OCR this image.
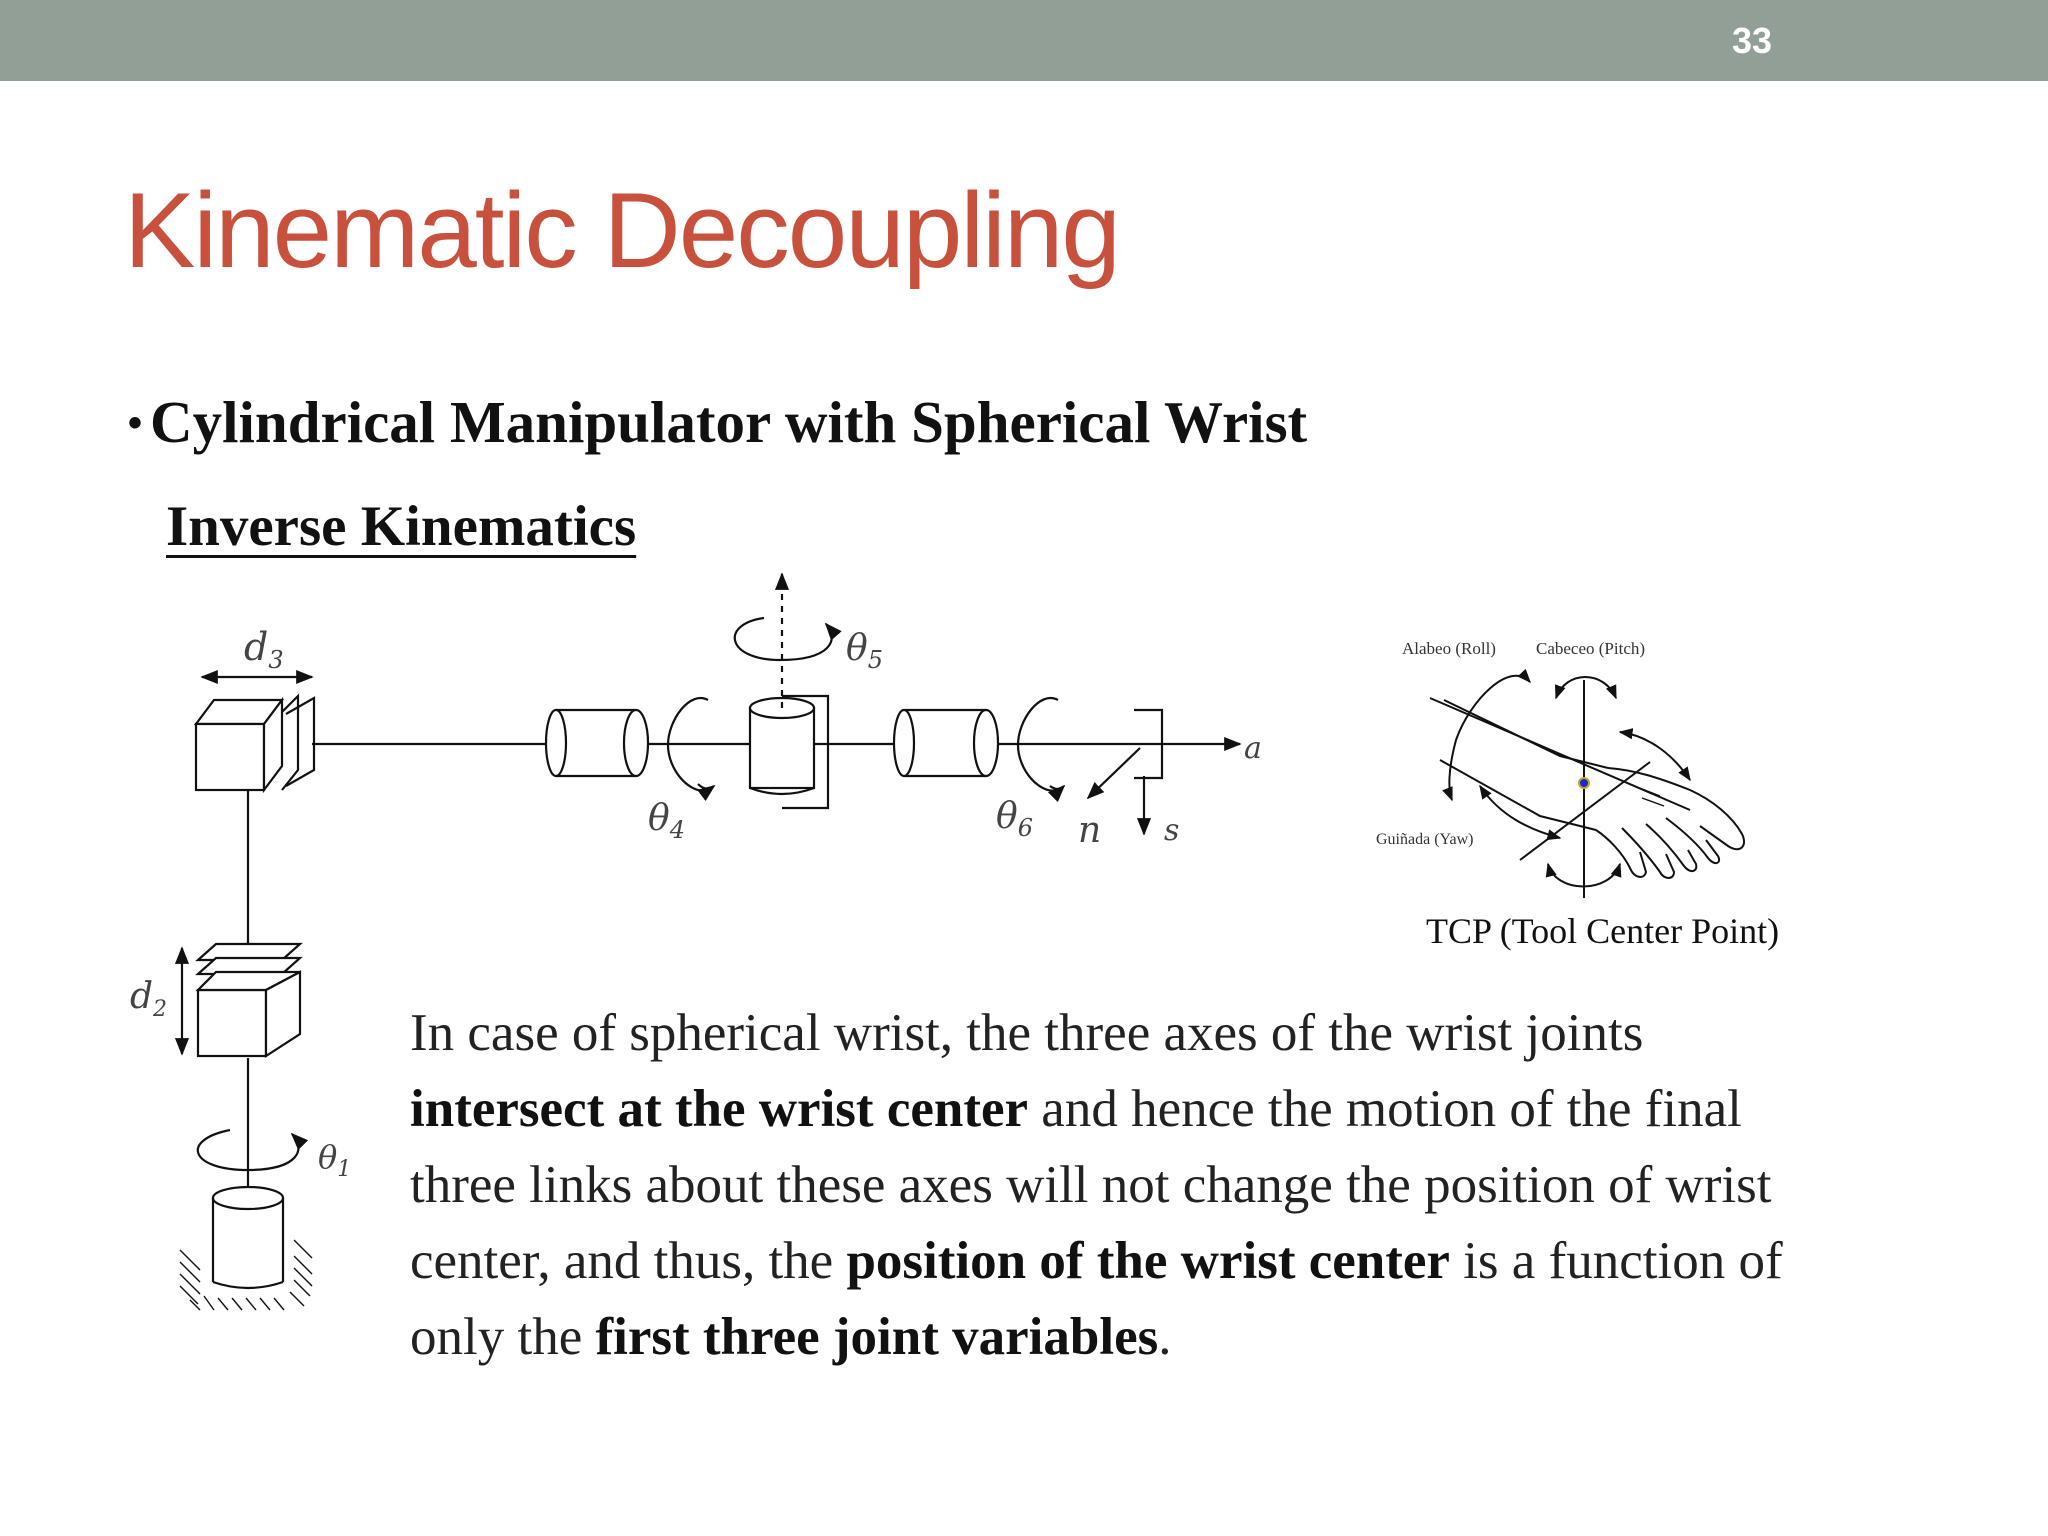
33
Kinematic Decoupling
• Cylindrical Manipulator with Spherical Wrist
Inverse Kinematics
$d_3$
$d_2$
$\theta_1$
$\theta_4$
$\theta_5$
$\theta_6$ n s
a
Alabeo (Roll) Cabeceo (Pitch)
Guiñada (Yaw)
TCP (Tool Center Point)

In case of spherical wrist, the three axes of the wrist joints intersect at the wrist center and hence the motion of the final three links about these axes will not change the position of wrist center, and thus, the position of the wrist center is a function of only the first three joint variables.
